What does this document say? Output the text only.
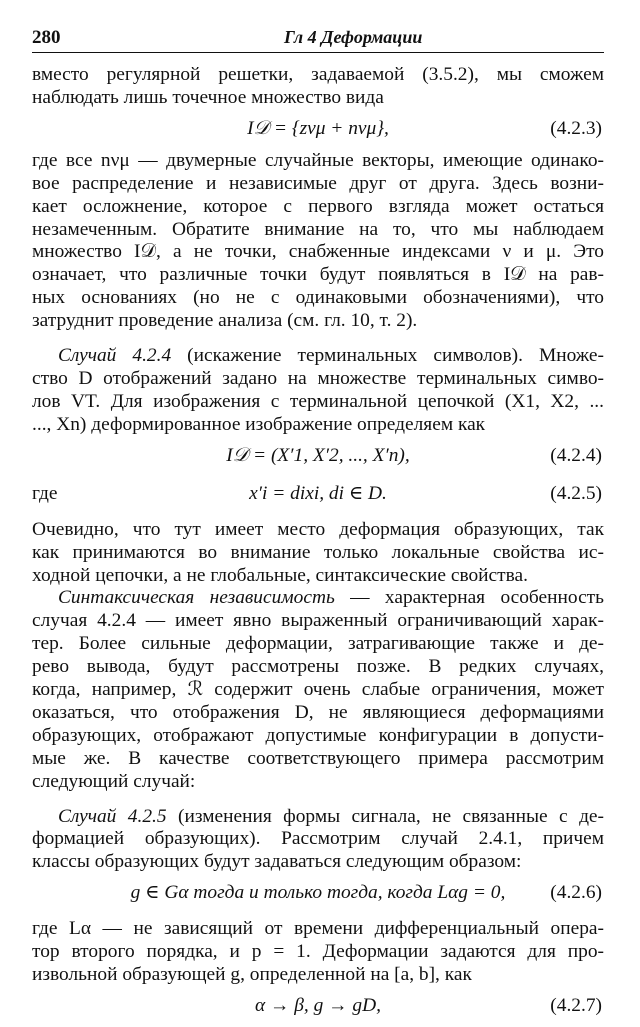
280	Гл 4 Деформации

вместо регулярной решетки, задаваемой (3.5.2), мы сможем

наблюдать лишь точечное множество вида

I𝒟 = {zνμ + nνμ},	(4.2.3)

где все nνμ — двумерные случайные векторы, имеющие одинако-

вое распределение и независимые друг от друга. Здесь возни-

кает осложнение, которое с первого взгляда может остаться

незамеченным. Обратите внимание на то, что мы наблюдаем

множество I𝒟, а не точки, снабженные индексами ν и μ. Это

означает, что различные точки будут появляться в I𝒟 на рав-

ных основаниях (но не с одинаковыми обозначениями), что

затруднит проведение анализа (см. гл. 10, т. 2).

Случай 4.2.4 (искажение терминальных символов). Множе-

ство D отображений задано на множестве терминальных симво-

лов VT. Для изображения с терминальной цепочкой (X1, X2, ...

..., Xn) деформированное изображение определяем как

I𝒟 = (X′1, X′2, ..., X′n),	(4.2.4)
где	x′i = dixi, di ∈ D.	(4.2.5)

Очевидно, что тут имеет место деформация образующих, так

как принимаются во внимание только локальные свойства ис-

ходной цепочки, а не глобальные, синтаксические свойства.

Синтаксическая независимость — характерная особенность

случая 4.2.4 — имеет явно выраженный ограничивающий харак-

тер. Более сильные деформации, затрагивающие также и де-

рево вывода, будут рассмотрены позже. В редких случаях,

когда, например, ℛ содержит очень слабые ограничения, может

оказаться, что отображения D, не являющиеся деформациями

образующих, отображают допустимые конфигурации в допусти-

мые же. В качестве соответствующего примера рассмотрим

следующий случай:

Случай 4.2.5 (изменения формы сигнала, не связанные с де-

формацией образующих). Рассмотрим случай 2.4.1, причем

классы образующих будут задаваться следующим образом:

g ∈ Gα тогда и только тогда, когда Lαg = 0,	(4.2.6)

где Lα — не зависящий от времени дифференциальный опера-

тор второго порядка, и p = 1. Деформации задаются для про-

извольной образующей g, определенной на [a, b], как

α → β, g → gD,	(4.2.7)
